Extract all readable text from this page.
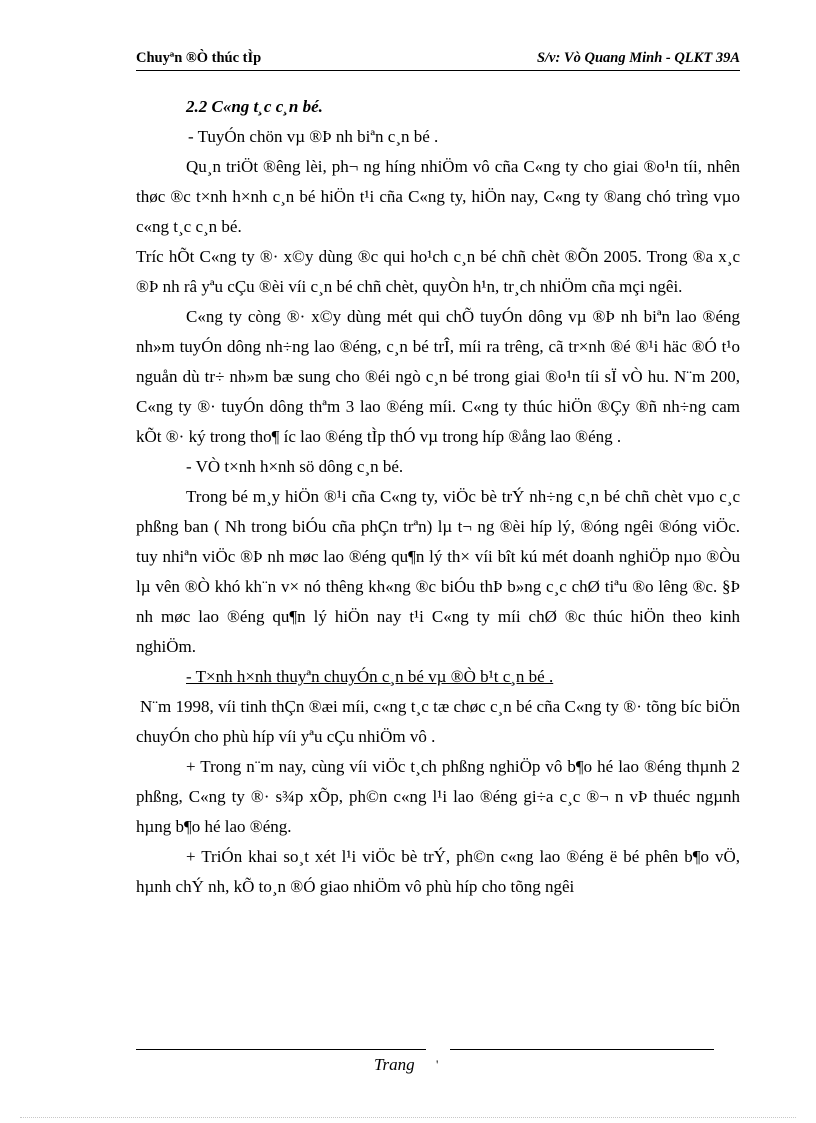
Chuyªn ®Ò thúc tÌp	S/v: Vò Quang Minh - QLKT 39A

2.2 C«ng t¸c c¸n bé.

- TuyÓn chön vµ ®Þ nh biªn c¸n bé .

Qu¸n triÖt ®êng lèi, ph¬ ng híng nhiÖm vô cña C«ng ty cho giai ®o¹n tíi, nhên thøc ®c t×nh h×nh c¸n bé hiÖn t¹i cña C«ng ty, hiÖn nay, C«ng ty ®ang chó trìng vµo c«ng t¸c c¸n bé.

Tríc hÕt C«ng ty ®· x©y dùng ®c qui ho¹ch c¸n bé chñ chèt ®Õn 2005. Trong ®a x¸c ®Þ nh râ yªu cÇu ®èi víi c¸n bé chñ chèt, quyÒn h¹n, tr¸ch nhiÖm cña mçi ngêi.

C«ng ty còng ®· x©y dùng mét qui chÕ tuyÓn dông vµ ®Þ nh biªn lao ®éng nh»m tuyÓn dông nh÷ng lao ®éng, c¸n bé trÎ, míi ra trêng, cã tr×nh ®é ®¹i häc ®Ó t¹o nguån dù tr÷ nh»m bæ sung cho ®éi ngò c¸n bé trong giai ®o¹n tíi sÏ vÒ hu. N¨m 200, C«ng ty ®· tuyÓn dông thªm 3 lao ®éng míi. C«ng ty thúc hiÖn ®Çy ®ñ nh÷ng cam kÕt ®· ký trong tho¶ íc lao ®éng tÌp thÓ vµ trong híp ®ång lao ®éng .

- VÒ t×nh h×nh sö dông c¸n bé.

Trong bé m¸y hiÖn ®¹i cña C«ng ty, viÖc bè trÝ nh÷ng c¸n bé chñ chèt vµo c¸c phßng ban ( Nh trong biÓu cña phÇn trªn) lµ t¬ ng ®èi híp lý, ®óng ngêi ®óng viÖc. tuy nhiªn viÖc ®Þ nh møc lao ®éng qu¶n lý th× víi bît kú mét doanh nghiÖp nµo ®Òu lµ vên ®Ò khó kh¨n v× nó thêng kh«ng ®c biÓu thÞ b»ng c¸c chØ tiªu ®o lêng ®c. §Þ nh møc lao ®éng qu¶n lý hiÖn nay t¹i C«ng ty míi chØ ®c thúc hiÖn theo kinh nghiÖm.

- T×nh h×nh thuyªn chuyÓn c¸n bé vµ ®Ò b¹t c¸n bé .

N¨m 1998, víi tinh thÇn ®æi míi, c«ng t¸c tæ chøc c¸n bé cña C«ng ty ®· tõng bíc biÖn chuyÓn cho phù híp víi yªu cÇu nhiÖm vô .

+ Trong n¨m nay, cùng víi viÖc t¸ch phßng nghiÖp vô b¶o hé lao ®éng thµnh 2 phßng, C«ng ty ®· s¾p xÕp, ph©n c«ng l¹i lao ®éng gi÷a c¸c ®¬ n vÞ thuéc ngµnh hµng b¶o hé lao ®éng.

+ TriÓn khai so¸t xét l¹i viÖc bè trÝ, ph©n c«ng lao ®éng ë bé phên b¶o vÖ, hµnh chÝ nh, kÕ to¸n ®Ó giao nhiÖm vô phù híp cho tõng ngêi

Trang '
